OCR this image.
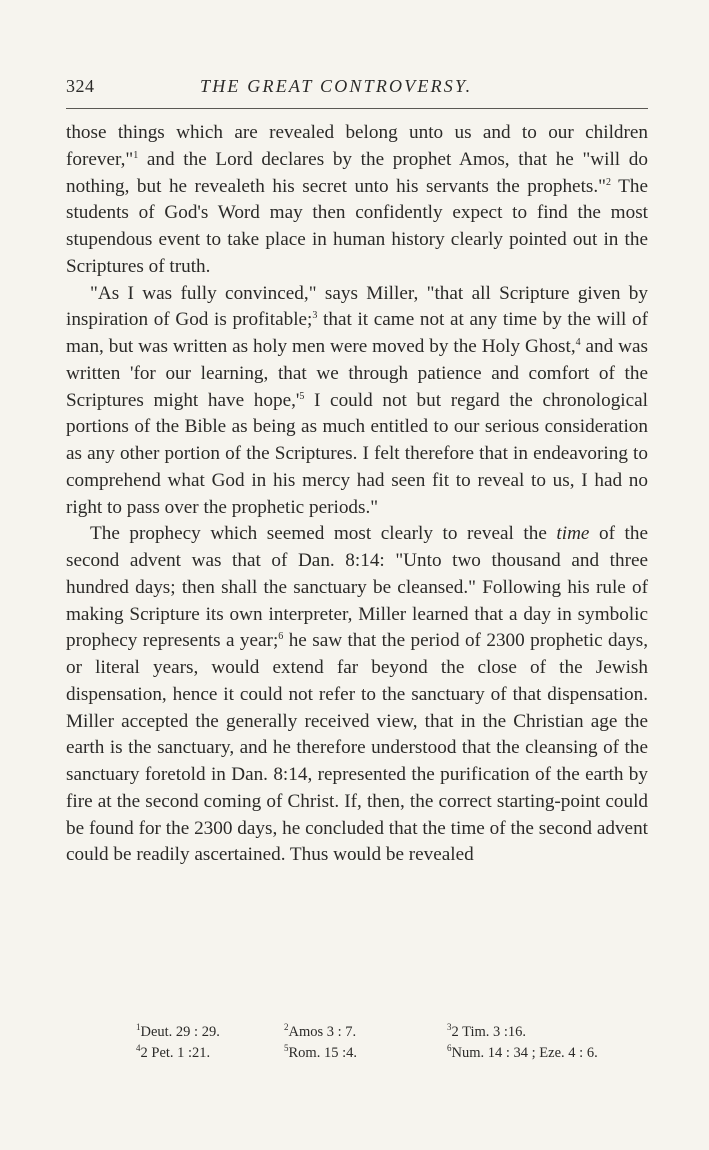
324	THE GREAT CONTROVERSY.

those things which are revealed belong unto us and to our children forever,"$^1$ and the Lord declares by the prophet Amos, that he "will do nothing, but he revealeth his secret unto his servants the prophets."$^2$ The students of God's Word may then confidently expect to find the most stupendous event to take place in human history clearly pointed out in the Scriptures of truth.

"As I was fully convinced," says Miller, "that all Scripture given by inspiration of God is profitable;$^3$ that it came not at any time by the will of man, but was written as holy men were moved by the Holy Ghost,$^4$ and was written 'for our learning, that we through patience and comfort of the Scriptures might have $hope,'^5$ I could not but regard the chronological portions of the Bible as being as much entitled to our serious consideration as any other portion of the Scriptures. I felt therefore that in endeavoring to comprehend what God in his mercy had seen fit to reveal to us, I had no right to pass over the prophetic periods."

The prophecy which seemed most clearly to reveal the time of the second advent was that of Dan. 8:14: "Unto two thousand and three hundred days; then shall the sanctuary be cleansed." Following his rule of making Scripture its own interpreter, Miller learned that a day in symbolic prophecy represents a year;$^6$ he saw that the period of 2300 prophetic days, or literal years, would extend far beyond the close of the Jewish dispensation, hence it could not refer to the sanctuary of that dispensation. Miller accepted the generally received view, that in the Christian age the earth is the sanctuary, and he therefore understood that the cleansing of the sanctuary foretold in Dan. 8:14, represented the purification of the earth by fire at the second coming of Christ. If, then, the correct starting-point could be found for the 2300 days, he concluded that the time of the second advent could be readily ascertained. Thus would be revealed

$^1$Deut. 29 : 29.	$^2$Amos 3 : 7.	$^3$2 Tim. 3 :16.
$^4$2 Pet. 1 :21.	$^5$Rom. 15 :4.	$^6$Num. 14 : 34 ; Eze. 4 : 6.
